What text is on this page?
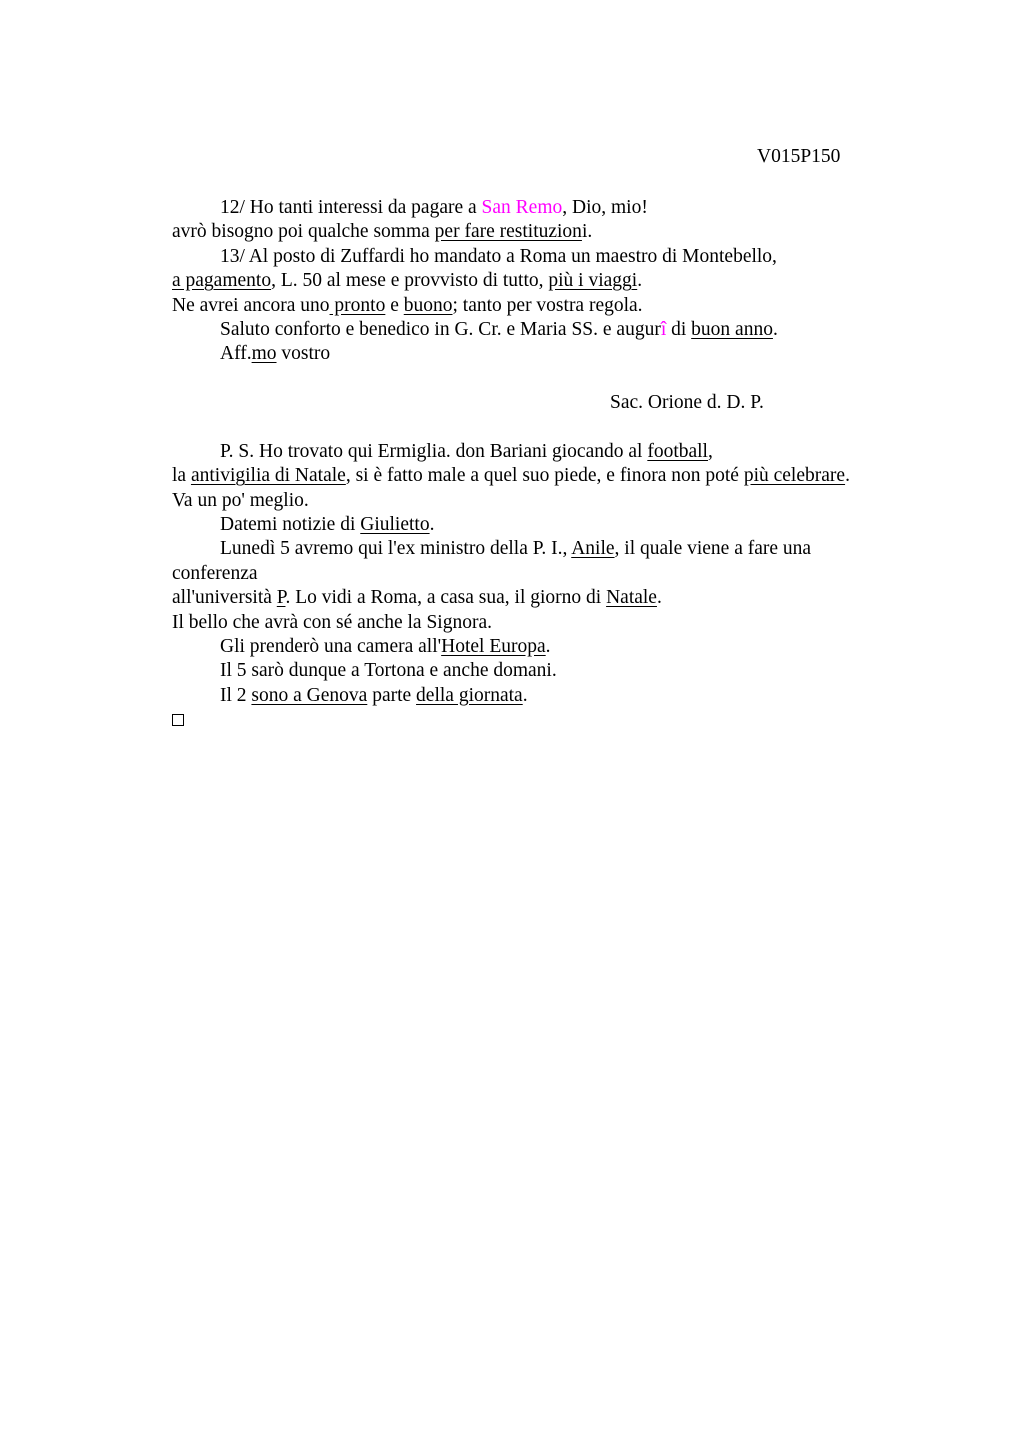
V015P150
12/ Ho tanti interessi da pagare a San Remo, Dio, mio!
avrò bisogno poi qualche somma per fare restituzioni.
13/ Al posto di Zuffardi ho mandato a Roma un maestro di Montebello,
a pagamento, L. 50 al mese e provvisto di tutto, più i viaggi.
Ne avrei ancora uno pronto e buono; tanto per vostra regola.
Saluto conforto e benedico in G. Cr. e Maria SS. e augurî di buon anno.
Aff.mo vostro
Sac. Orione d. D. P.
P. S. Ho trovato qui Ermiglia. don Bariani giocando al football,
la antivigilia di Natale, si è fatto male a quel suo piede, e finora non poté più celebrare.
Va un po' meglio.
Datemi notizie di Giulietto.
Lunedì 5 avremo qui l'ex ministro della P. I., Anile, il quale viene a fare una
conferenza
all'università P. Lo vidi a Roma, a casa sua, il giorno di Natale.
Il bello che avrà con sé anche la Signora.
Gli prenderò una camera all'Hotel Europa.
Il 5 sarò dunque a Tortona e anche domani.
Il 2 sono a Genova parte della giornata.
